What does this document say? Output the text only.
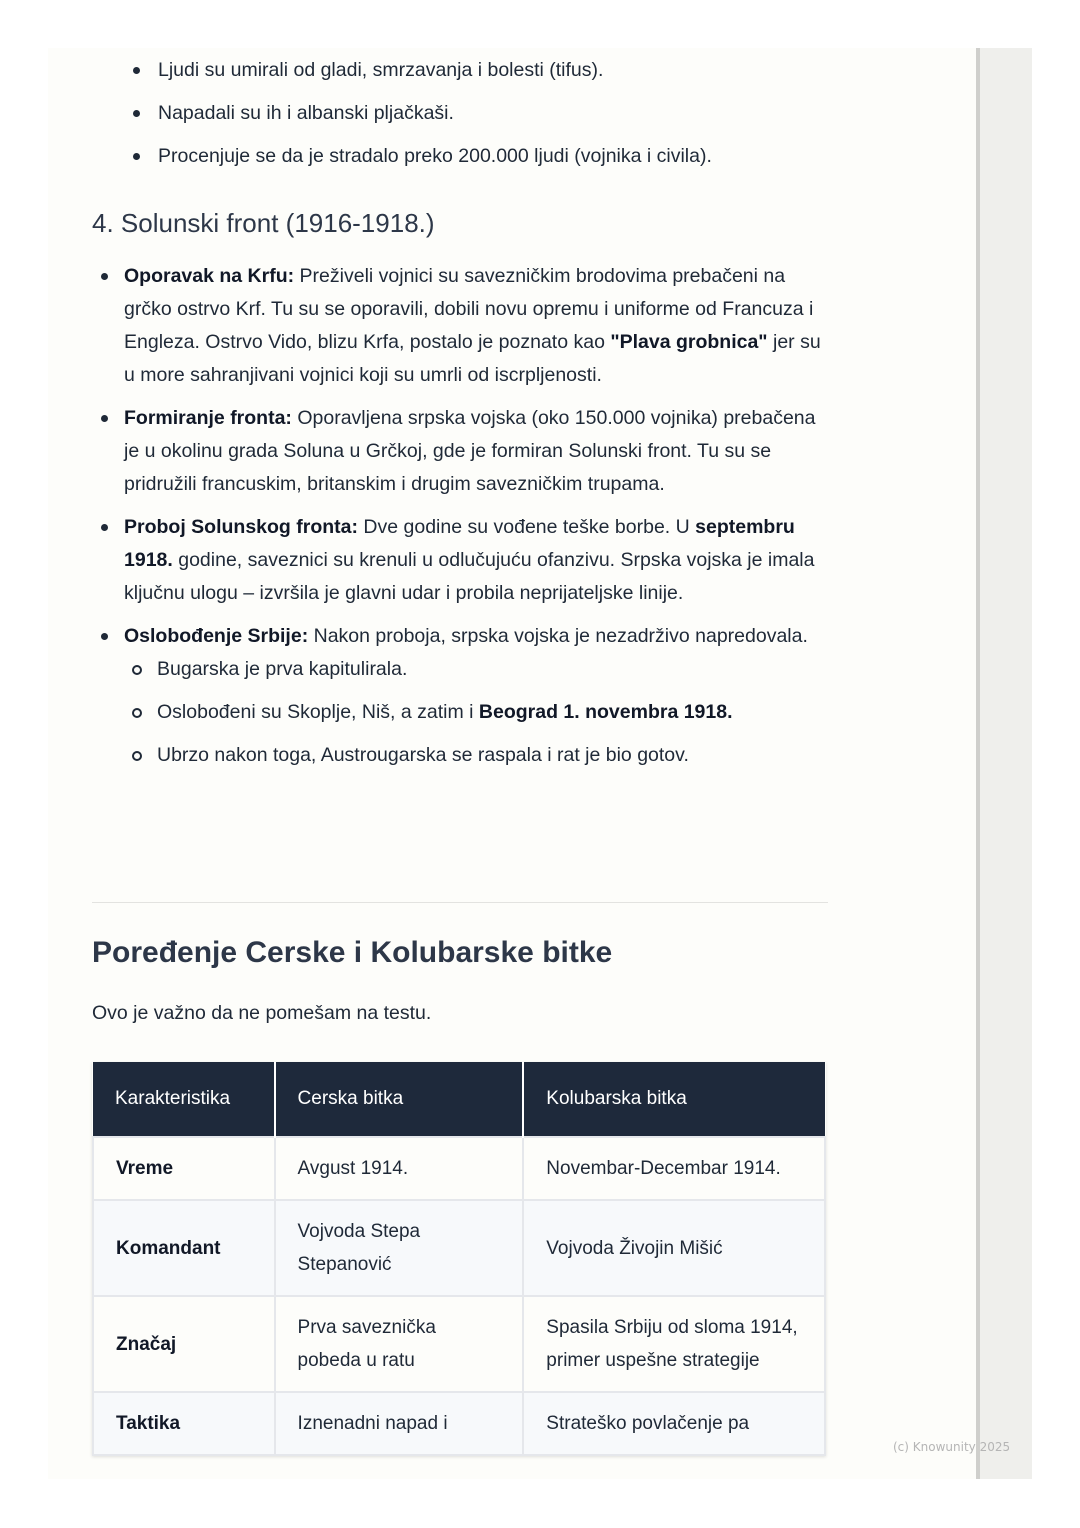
Ljudi su umirali od gladi, smrzavanja i bolesti (tifus).
Napadali su ih i albanski pljačkaši.
Procenjuje se da je stradalo preko 200.000 ljudi (vojnika i civila).
4. Solunski front (1916-1918.)
Oporavak na Krfu: Preživeli vojnici su savezničkim brodovima prebačeni na grčko ostrvo Krf. Tu su se oporavili, dobili novu opremu i uniforme od Francuza i Engleza. Ostrvo Vido, blizu Krfa, postalo je poznato kao "Plava grobnica" jer su u more sahranjivani vojnici koji su umrli od iscrpljenosti.
Formiranje fronta: Oporavljena srpska vojska (oko 150.000 vojnika) prebačena je u okolinu grada Soluna u Grčkoj, gde je formiran Solunski front. Tu su se pridružili francuskim, britanskim i drugim savezničkim trupama.
Proboj Solunskog fronta: Dve godine su vođene teške borbe. U septembru 1918. godine, saveznici su krenuli u odlučujuću ofanzivu. Srpska vojska je imala ključnu ulogu – izvršila je glavni udar i probila neprijateljske linije.
Oslobođenje Srbije: Nakon proboja, srpska vojska je nezadrživo napredovala.
Bugarska je prva kapitulirala.
Oslobođeni su Skoplje, Niš, a zatim i Beograd 1. novembra 1918.
Ubrzo nakon toga, Austrougarska se raspala i rat je bio gotov.
Poređenje Cerske i Kolubarske bitke

Ovo je važno da ne pomešam na testu.

Karakteristika	Cerska bitka	Kolubarska bitka
Vreme	Avgust 1914.	Novembar-Decembar 1914.
Komandant	Vojvoda Stepa Stepanović	Vojvoda Živojin Mišić
Značaj	Prva saveznička pobeda u ratu	Spasila Srbiju od sloma 1914, primer uspešne strategije
Taktika	Iznenadni napad i	Strateško povlačenje pa
(c) Knowunity 2025
